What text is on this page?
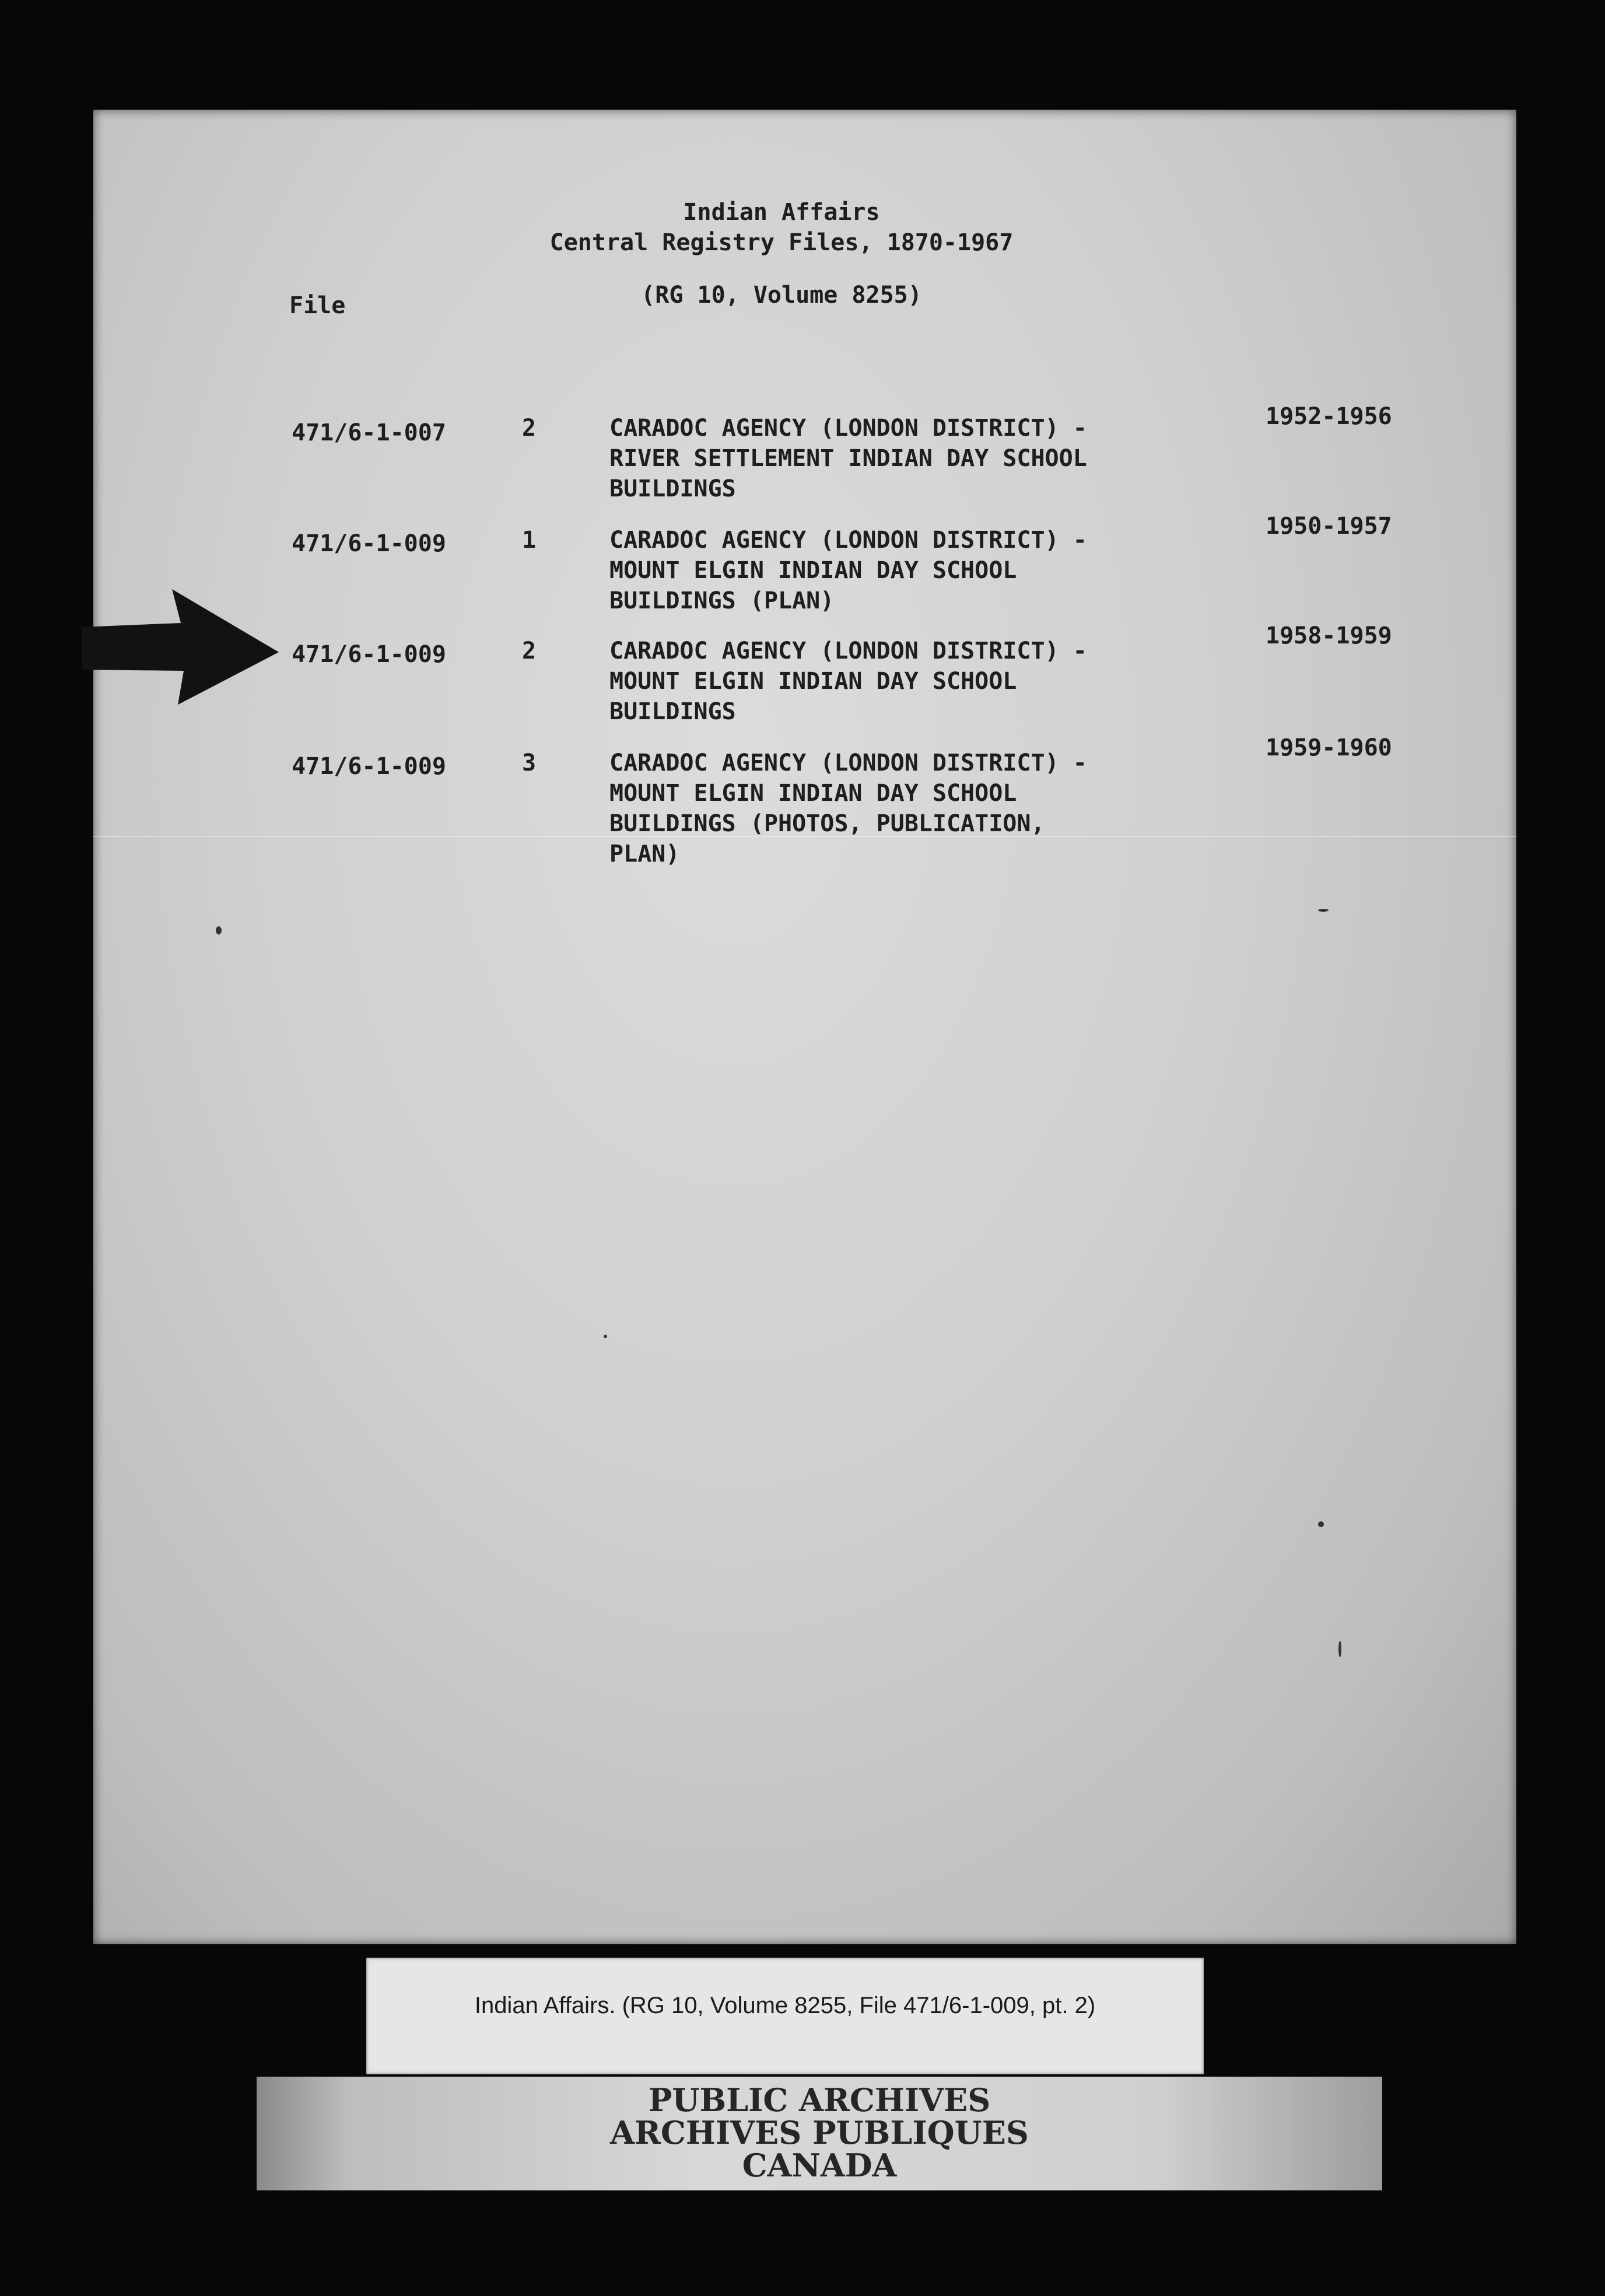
Indian Affairs
Central Registry Files, 1870-1967
File	(RG 10, Volume 8255)
471/6-1-007	2	CARADOC AGENCY (LONDON DISTRICT) -
RIVER SETTLEMENT INDIAN DAY SCHOOL
BUILDINGS
1952-1956
471/6-1-009	1	CARADOC AGENCY (LONDON DISTRICT) -
MOUNT ELGIN INDIAN DAY SCHOOL
BUILDINGS (PLAN)
1950-1957
471/6-1-009	2	CARADOC AGENCY (LONDON DISTRICT) -
MOUNT ELGIN INDIAN DAY SCHOOL
BUILDINGS
1958-1959
471/6-1-009	3	CARADOC AGENCY (LONDON DISTRICT) -
MOUNT ELGIN INDIAN DAY SCHOOL
BUILDINGS (PHOTOS, PUBLICATION,
PLAN)
1959-1960
Indian Affairs. (RG 10, Volume 8255, File 471/6-1-009, pt. 2)
PUBLIC ARCHIVES
ARCHIVES PUBLIQUES
CANADA
